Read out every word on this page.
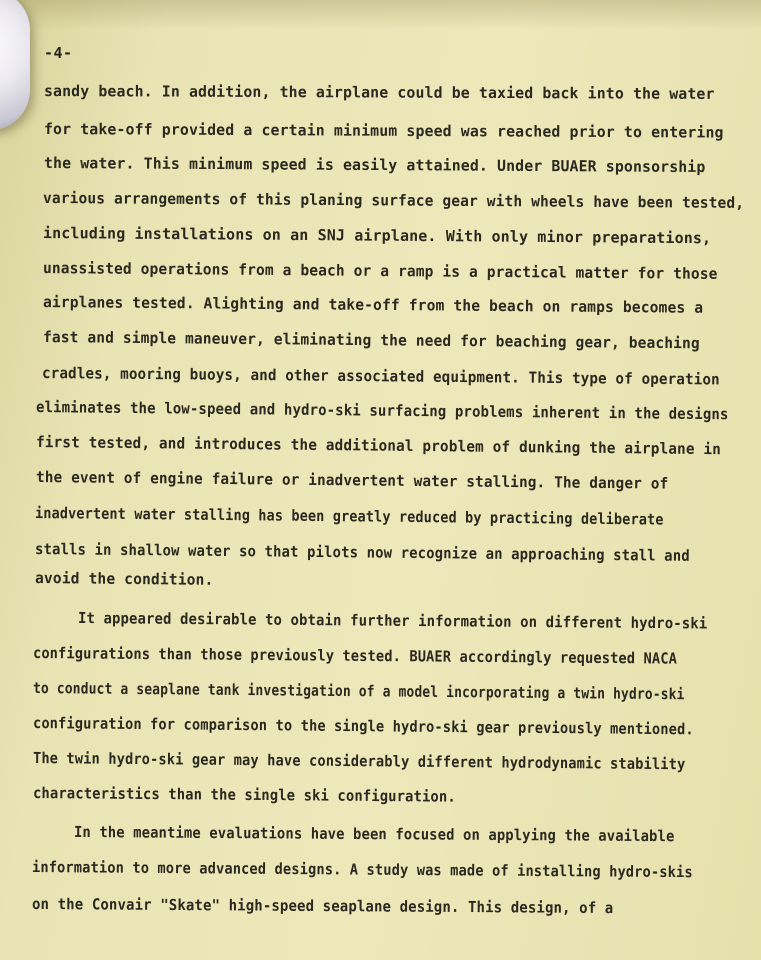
-4-
sandy beach. In addition, the airplane could be taxied back into the water
for take-off provided a certain minimum speed was reached prior to entering
the water. This minimum speed is easily attained. Under BUAER sponsorship
various arrangements of this planing surface gear with wheels have been tested,
including installations on an SNJ airplane. With only minor preparations,
unassisted operations from a beach or a ramp is a practical matter for those
airplanes tested. Alighting and take-off from the beach on ramps becomes a
fast and simple maneuver, eliminating the need for beaching gear, beaching
cradles, mooring buoys, and other associated equipment. This type of operation
eliminates the low-speed and hydro-ski surfacing problems inherent in the designs
first tested, and introduces the additional problem of dunking the airplane in
the event of engine failure or inadvertent water stalling. The danger of
inadvertent water stalling has been greatly reduced by practicing deliberate
stalls in shallow water so that pilots now recognize an approaching stall and
avoid the condition.
It appeared desirable to obtain further information on different hydro-ski
configurations than those previously tested. BUAER accordingly requested NACA
to conduct a seaplane tank investigation of a model incorporating a twin hydro-ski
configuration for comparison to the single hydro-ski gear previously mentioned.
The twin hydro-ski gear may have considerably different hydrodynamic stability
characteristics than the single ski configuration.
In the meantime evaluations have been focused on applying the available
information to more advanced designs. A study was made of installing hydro-skis
on the Convair "Skate" high-speed seaplane design. This design, of a
